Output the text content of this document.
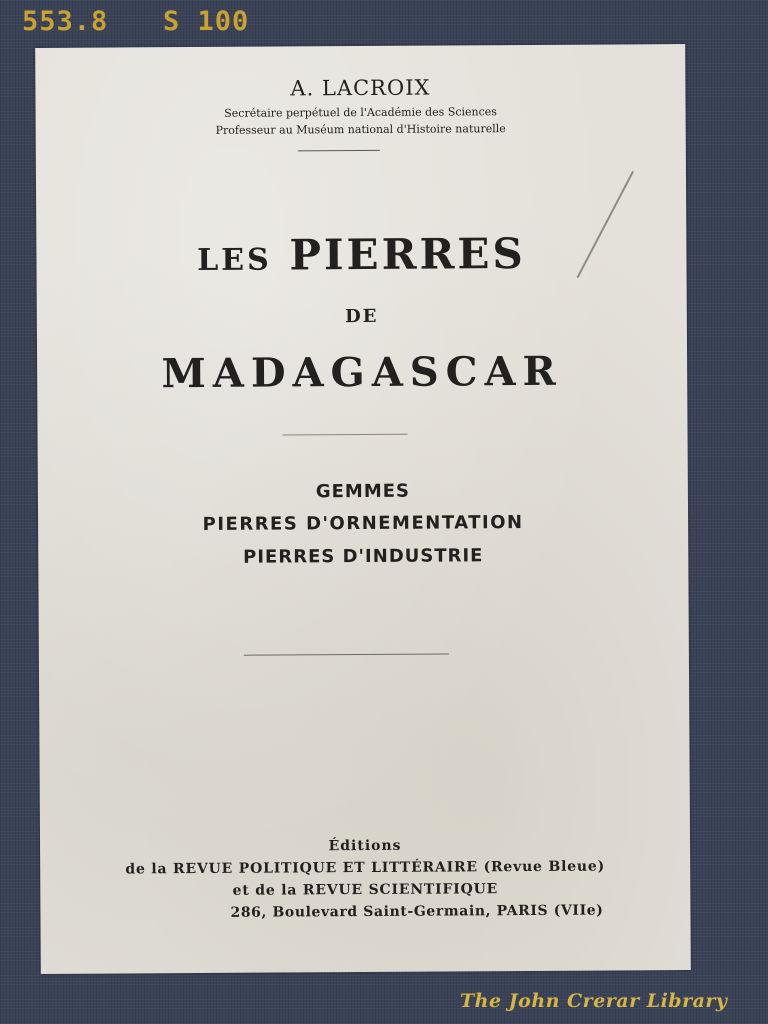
553.8 S 100
A. LACROIX
Secrétaire perpétuel de l'Académie des Sciences
Professeur au Muséum national d'Histoire naturelle
LES PIERRES
DE
MADAGASCAR
GEMMES
PIERRES D'ORNEMENTATION
PIERRES D'INDUSTRIE
Éditions
de la REVUE POLITIQUE ET LITTÉRAIRE (Revue Bleue)
et de la REVUE SCIENTIFIQUE
286, Boulevard Saint-Germain, PARIS (VIIe)
The John Crerar Library
